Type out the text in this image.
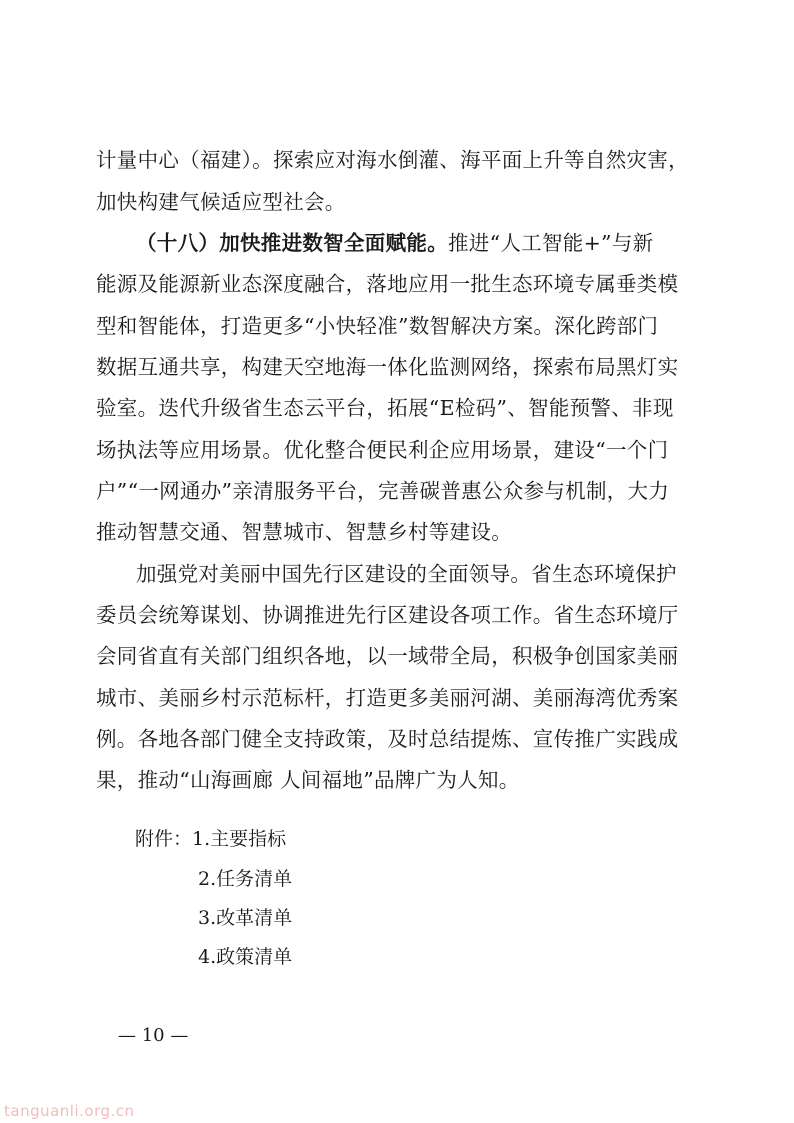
计量中心（福建）。探索应对海水倒灌、海平面上升等自然灾害，
加快构建气候适应型社会。
（十八）加快推进数智全面赋能。推进“人工智能+”与新
能源及能源新业态深度融合，落地应用一批生态环境专属垂类模
型和智能体，打造更多“小快轻准”数智解决方案。深化跨部门
数据互通共享，构建天空地海一体化监测网络，探索布局黑灯实
验室。迭代升级省生态云平台，拓展“E检码”、智能预警、非现
场执法等应用场景。优化整合便民利企应用场景，建设“一个门
户”“一网通办”亲清服务平台，完善碳普惠公众参与机制，大力
推动智慧交通、智慧城市、智慧乡村等建设。
加强党对美丽中国先行区建设的全面领导。省生态环境保护
委员会统筹谋划、协调推进先行区建设各项工作。省生态环境厅
会同省直有关部门组织各地，以一域带全局，积极争创国家美丽
城市、美丽乡村示范标杆，打造更多美丽河湖、美丽海湾优秀案
例。各地各部门健全支持政策，及时总结提炼、宣传推广实践成
果，推动“山海画廊 人间福地”品牌广为人知。
附件：1.主要指标
2.任务清单
3.改革清单
4.政策清单
— 10 —
tanguanli.org.cn
